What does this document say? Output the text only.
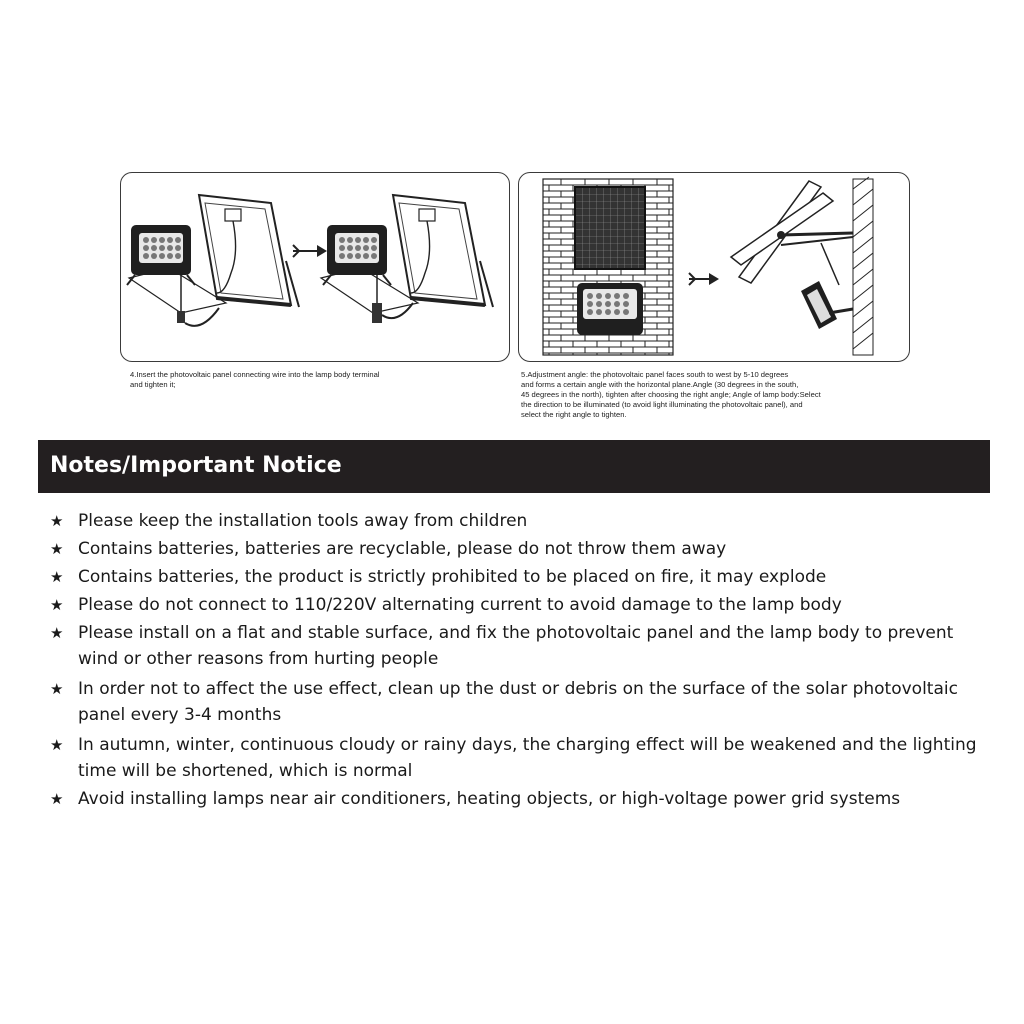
4.Insert the photovoltaic panel connecting wire into the lamp body terminal
and tighten it;
5.Adjustment angle: the photovoltaic panel faces south to west by 5-10 degrees
and forms a certain angle with the horizontal plane.Angle (30 degrees in the south,
45 degrees in the north), tighten after choosing the right angle; Angle of lamp body:Select
the direction to be illuminated (to avoid light illuminating the photovoltaic panel), and
select the right angle to tighten.
Notes/Important Notice
★ Please keep the installation tools away from children
★ Contains batteries, batteries are recyclable, please do not throw them away
★ Contains batteries, the product is strictly prohibited to be placed on fire, it may explode
★ Please do not connect to 110/220V alternating current to avoid damage to the lamp body
★ Please install on a flat and stable surface, and fix the photovoltaic panel and the lamp body to prevent wind or other reasons from hurting people
★ In order not to affect the use effect, clean up the dust or debris on the surface of the solar photovoltaic panel every 3-4 months
★ In autumn, winter, continuous cloudy or rainy days, the charging effect will be weakened and the lighting time will be shortened, which is normal
★ Avoid installing lamps near air conditioners, heating objects, or high-voltage power grid systems
